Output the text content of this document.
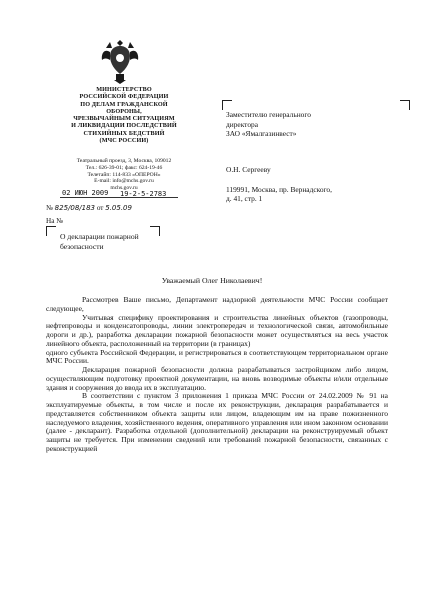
МИНИСТЕРСТВО
РОССИЙСКОЙ ФЕДЕРАЦИИ
ПО ДЕЛАМ ГРАЖДАНСКОЙ ОБОРОНЫ,
ЧРЕЗВЫЧАЙНЫМ СИТУАЦИЯМ
И ЛИКВИДАЦИИ ПОСЛЕДСТВИЙ
СТИХИЙНЫХ БЕДСТВИЙ
(МЧС РОССИИ)
Театральный проезд, 3, Москва, 109012
Тел.: 626-39-01; факс: 624-19-46
Телетайп: 114-833 «ОПЕРОН»
E-mail: info@mchs.gov.ru
mchs.gov.ru
02 ИЮН 2009 19-2-5-2783
№ 825/08/183 от 5.05.09
На №
Заместителю генерального
директора
ЗАО «Ямалгазинвест»
О.Н. Сергееву
119991, Москва, пр. Вернадского,
д. 41, стр. 1
О декларации пожарной
безопасности
Уважаемый Олег Николаевич!

Рассмотрев Ваше письмо, Департамент надзорной деятельности МЧС России сообщает следующее,

Учитывая специфику проектирования и строительства линейных объектов (газопроводы, нефтепроводы и конденсатопроводы, линии электропередач и технологической связи, автомобильные дороги и др.), разработка декларации пожарной безопасности может осуществляться на весь участок линейного объекта, расположенный на территории (в границах)

одного субъекта Российской Федерации, и регистрироваться в соответствующем территориальном органе МЧС России.

Декларация пожарной безопасности должна разрабатываться застройщиком либо лицом, осуществляющим подготовку проектной документации, на вновь возводимые объекты и/или отдельные здания и сооружения до ввода их в эксплуатацию.

В соответствии с пунктом 3 приложения 1 приказа МЧС России от 24.02.2009 № 91 на эксплуатируемые объекты, в том числе и после их реконструкции, декларация разрабатывается и представляется собственником объекта защиты или лицом, владеющим им на праве пожизненного наследуемого владения, хозяйственного ведения, оперативного управления или ином законном основании (далее - декларант). Разработка отдельной (дополнительной) декларации на реконструируемый объект защиты не требуется. При изменении сведений или требований пожарной безопасности, связанных с реконструкцией
